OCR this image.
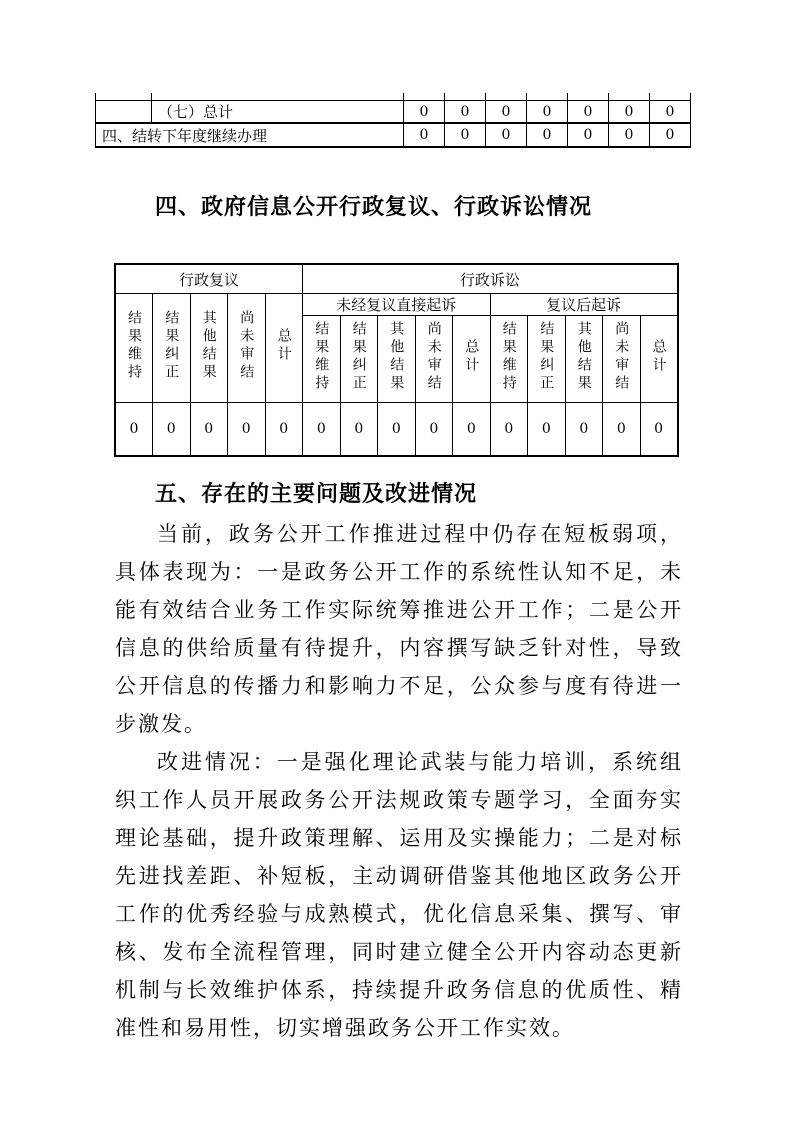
	（七）总计	0	0	0	0	0	0	0
四、结转下年度继续办理		0	0	0	0	0	0	0
四、政府信息公开行政复议、行政诉讼情况
行政复议					行政诉讼									
结果维持	结果纠正	其他结果	尚未审结	总计	未经复议直接起诉					复议后起诉				
					结果维持	结果纠正	其他结果	尚未审结	总计	结果维持	结果纠正	其他结果	尚未审结	总计
0	0	0	0	0	0	0	0	0	0	0	0	0	0	0
五、存在的主要问题及改进情况

当前，政务公开工作推进过程中仍存在短板弱项，具体表现为：一是政务公开工作的系统性认知不足，未能有效结合业务工作实际统筹推进公开工作；二是公开信息的供给质量有待提升，内容撰写缺乏针对性，导致公开信息的传播力和影响力不足，公众参与度有待进一步激发。

改进情况：一是强化理论武装与能力培训，系统组织工作人员开展政务公开法规政策专题学习，全面夯实理论基础，提升政策理解、运用及实操能力；二是对标先进找差距、补短板，主动调研借鉴其他地区政务公开工作的优秀经验与成熟模式，优化信息采集、撰写、审核、发布全流程管理，同时建立健全公开内容动态更新机制与长效维护体系，持续提升政务信息的优质性、精准性和易用性，切实增强政务公开工作实效。
